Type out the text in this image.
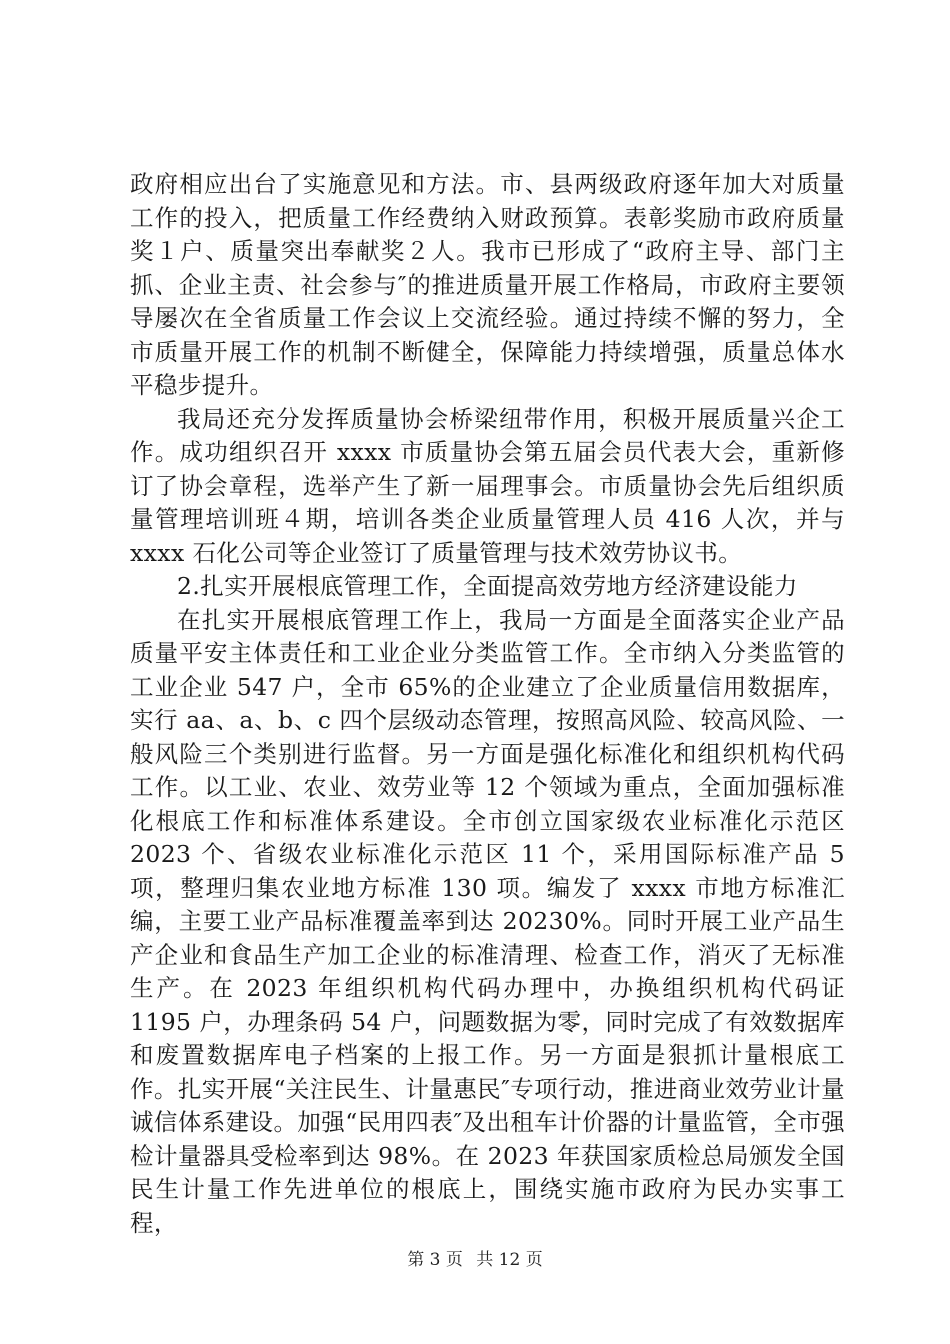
政府相应出台了实施意见和方法。市、县两级政府逐年加大对质量工作的投入，把质量工作经费纳入财政预算。表彰奖励市政府质量奖１户、质量突出奉献奖２人。我市已形成了“政府主导、部门主抓、企业主责、社会参与″的推进质量开展工作格局，市政府主要领导屡次在全省质量工作会议上交流经验。通过持续不懈的努力，全市质量开展工作的机制不断健全，保障能力持续增强，质量总体水平稳步提升。

我局还充分发挥质量协会桥梁纽带作用，积极开展质量兴企工作。成功组织召开 xxxx 市质量协会第五届会员代表大会，重新修订了协会章程，选举产生了新一届理事会。市质量协会先后组织质量管理培训班４期，培训各类企业质量管理人员 416 人次，并与 xxxx 石化公司等企业签订了质量管理与技术效劳协议书。

2.扎实开展根底管理工作，全面提高效劳地方经济建设能力

在扎实开展根底管理工作上，我局一方面是全面落实企业产品质量平安主体责任和工业企业分类监管工作。全市纳入分类监管的工业企业 547 户，全市 65%的企业建立了企业质量信用数据库，实行 aa、a、b、c 四个层级动态管理，按照高风险、较高风险、一般风险三个类别进行监督。另一方面是强化标准化和组织机构代码工作。以工业、农业、效劳业等 12 个领域为重点，全面加强标准化根底工作和标准体系建设。全市创立国家级农业标准化示范区 2023 个、省级农业标准化示范区 11 个，采用国际标准产品 5 项，整理归集农业地方标准 130 项。编发了 xxxx 市地方标准汇编，主要工业产品标准覆盖率到达 20230%。同时开展工业产品生产企业和食品生产加工企业的标准清理、检查工作，消灭了无标准生产。在 2023 年组织机构代码办理中，办换组织机构代码证 1195 户，办理条码 54 户，问题数据为零，同时完成了有效数据库和废置数据库电子档案的上报工作。另一方面是狠抓计量根底工作。扎实开展“关注民生、计量惠民″专项行动，推进商业效劳业计量诚信体系建设。加强“民用四表″及出租车计价器的计量监管，全市强检计量器具受检率到达 98%。在 2023 年获国家质检总局颁发全国民生计量工作先进单位的根底上，围绕实施市政府为民办实事工程，

第 3 页 共 12 页
